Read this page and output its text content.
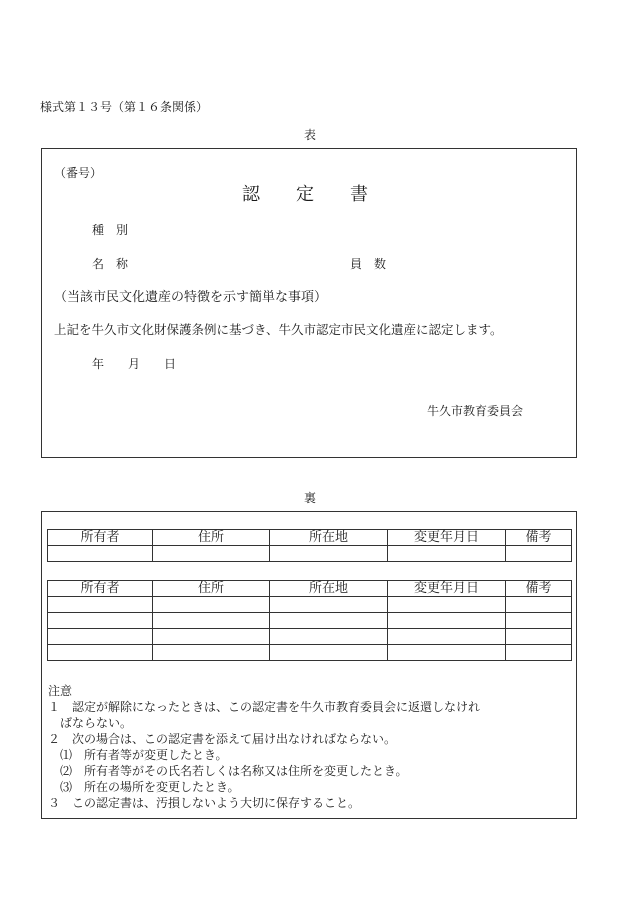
様式第１３号（第１６条関係）
表
（番号）
認　　定　　書
種　別
名　称	員　数
（当該市民文化遺産の特徴を示す簡単な事項）
上記を牛久市文化財保護条例に基づき、牛久市認定市民文化遺産に認定します。
年　　月　　日
牛久市教育委員会
裏
所有者	住所	所在地	変更年月日	備考

所有者	住所	所在地	変更年月日	備考

注意
１　認定が解除になったときは、この認定書を牛久市教育委員会に返還しなけれ
　ばならない。
２　次の場合は、この認定書を添えて届け出なければならない。
　⑴　所有者等が変更したとき。
　⑵　所有者等がその氏名若しくは名称又は住所を変更したとき。
　⑶　所在の場所を変更したとき。
３　この認定書は、汚損しないよう大切に保存すること。
